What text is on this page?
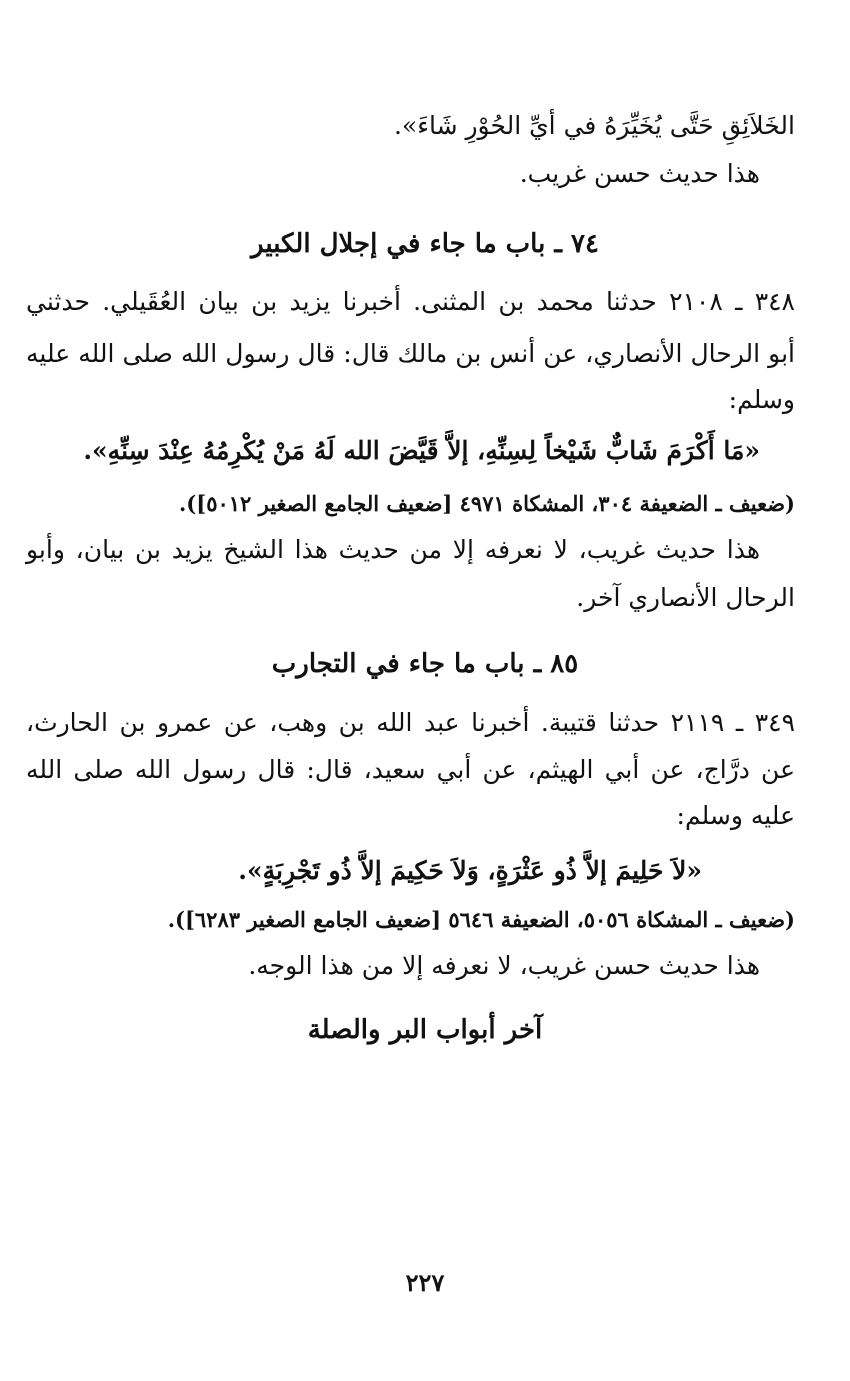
الخَلاَئِقِ حَتَّى يُخَيِّرَهُ في أيِّ الحُوْرِ شَاءَ».
هذا حديث حسن غريب.
٧٤ ـ باب ما جاء في إجلال الكبير
٣٤٨ ـ ٢١٠٨ حدثنا محمد بن المثنى. أخبرنا يزيد بن بيان العُقَيلي. حدثني
أبو الرحال الأنصاري، عن أنس بن مالك قال: قال رسول الله صلى الله عليه
وسلم:
«مَا أَكْرَمَ شَابٌّ شَيْخاً لِسِنِّهِ، إلاَّ قَيَّضَ الله لَهُ مَنْ يُكْرِمُهُ عِنْدَ سِنِّهِ».
(ضعيف ـ الضعيفة ٣٠٤، المشكاة ٤٩٧١ [ضعيف الجامع الصغير ٥٠١٢]).
هذا حديث غريب، لا نعرفه إلا من حديث هذا الشيخ يزيد بن بيان، وأبو
الرحال الأنصاري آخر.
٨٥ ـ باب ما جاء في التجارب
٣٤٩ ـ ٢١١٩ حدثنا قتيبة. أخبرنا عبد الله بن وهب، عن عمرو بن الحارث،
عن درَّاج، عن أبي الهيثم، عن أبي سعيد، قال: قال رسول الله صلى الله
عليه وسلم:
«لاَ حَلِيمَ إلاَّ ذُو عَثْرَةٍ، وَلاَ حَكِيمَ إلاَّ ذُو تَجْرِبَةٍ».
(ضعيف ـ المشكاة ٥٠٥٦، الضعيفة ٥٦٤٦ [ضعيف الجامع الصغير ٦٢٨٣]).
هذا حديث حسن غريب، لا نعرفه إلا من هذا الوجه.
آخر أبواب البر والصلة
٢٢٧
